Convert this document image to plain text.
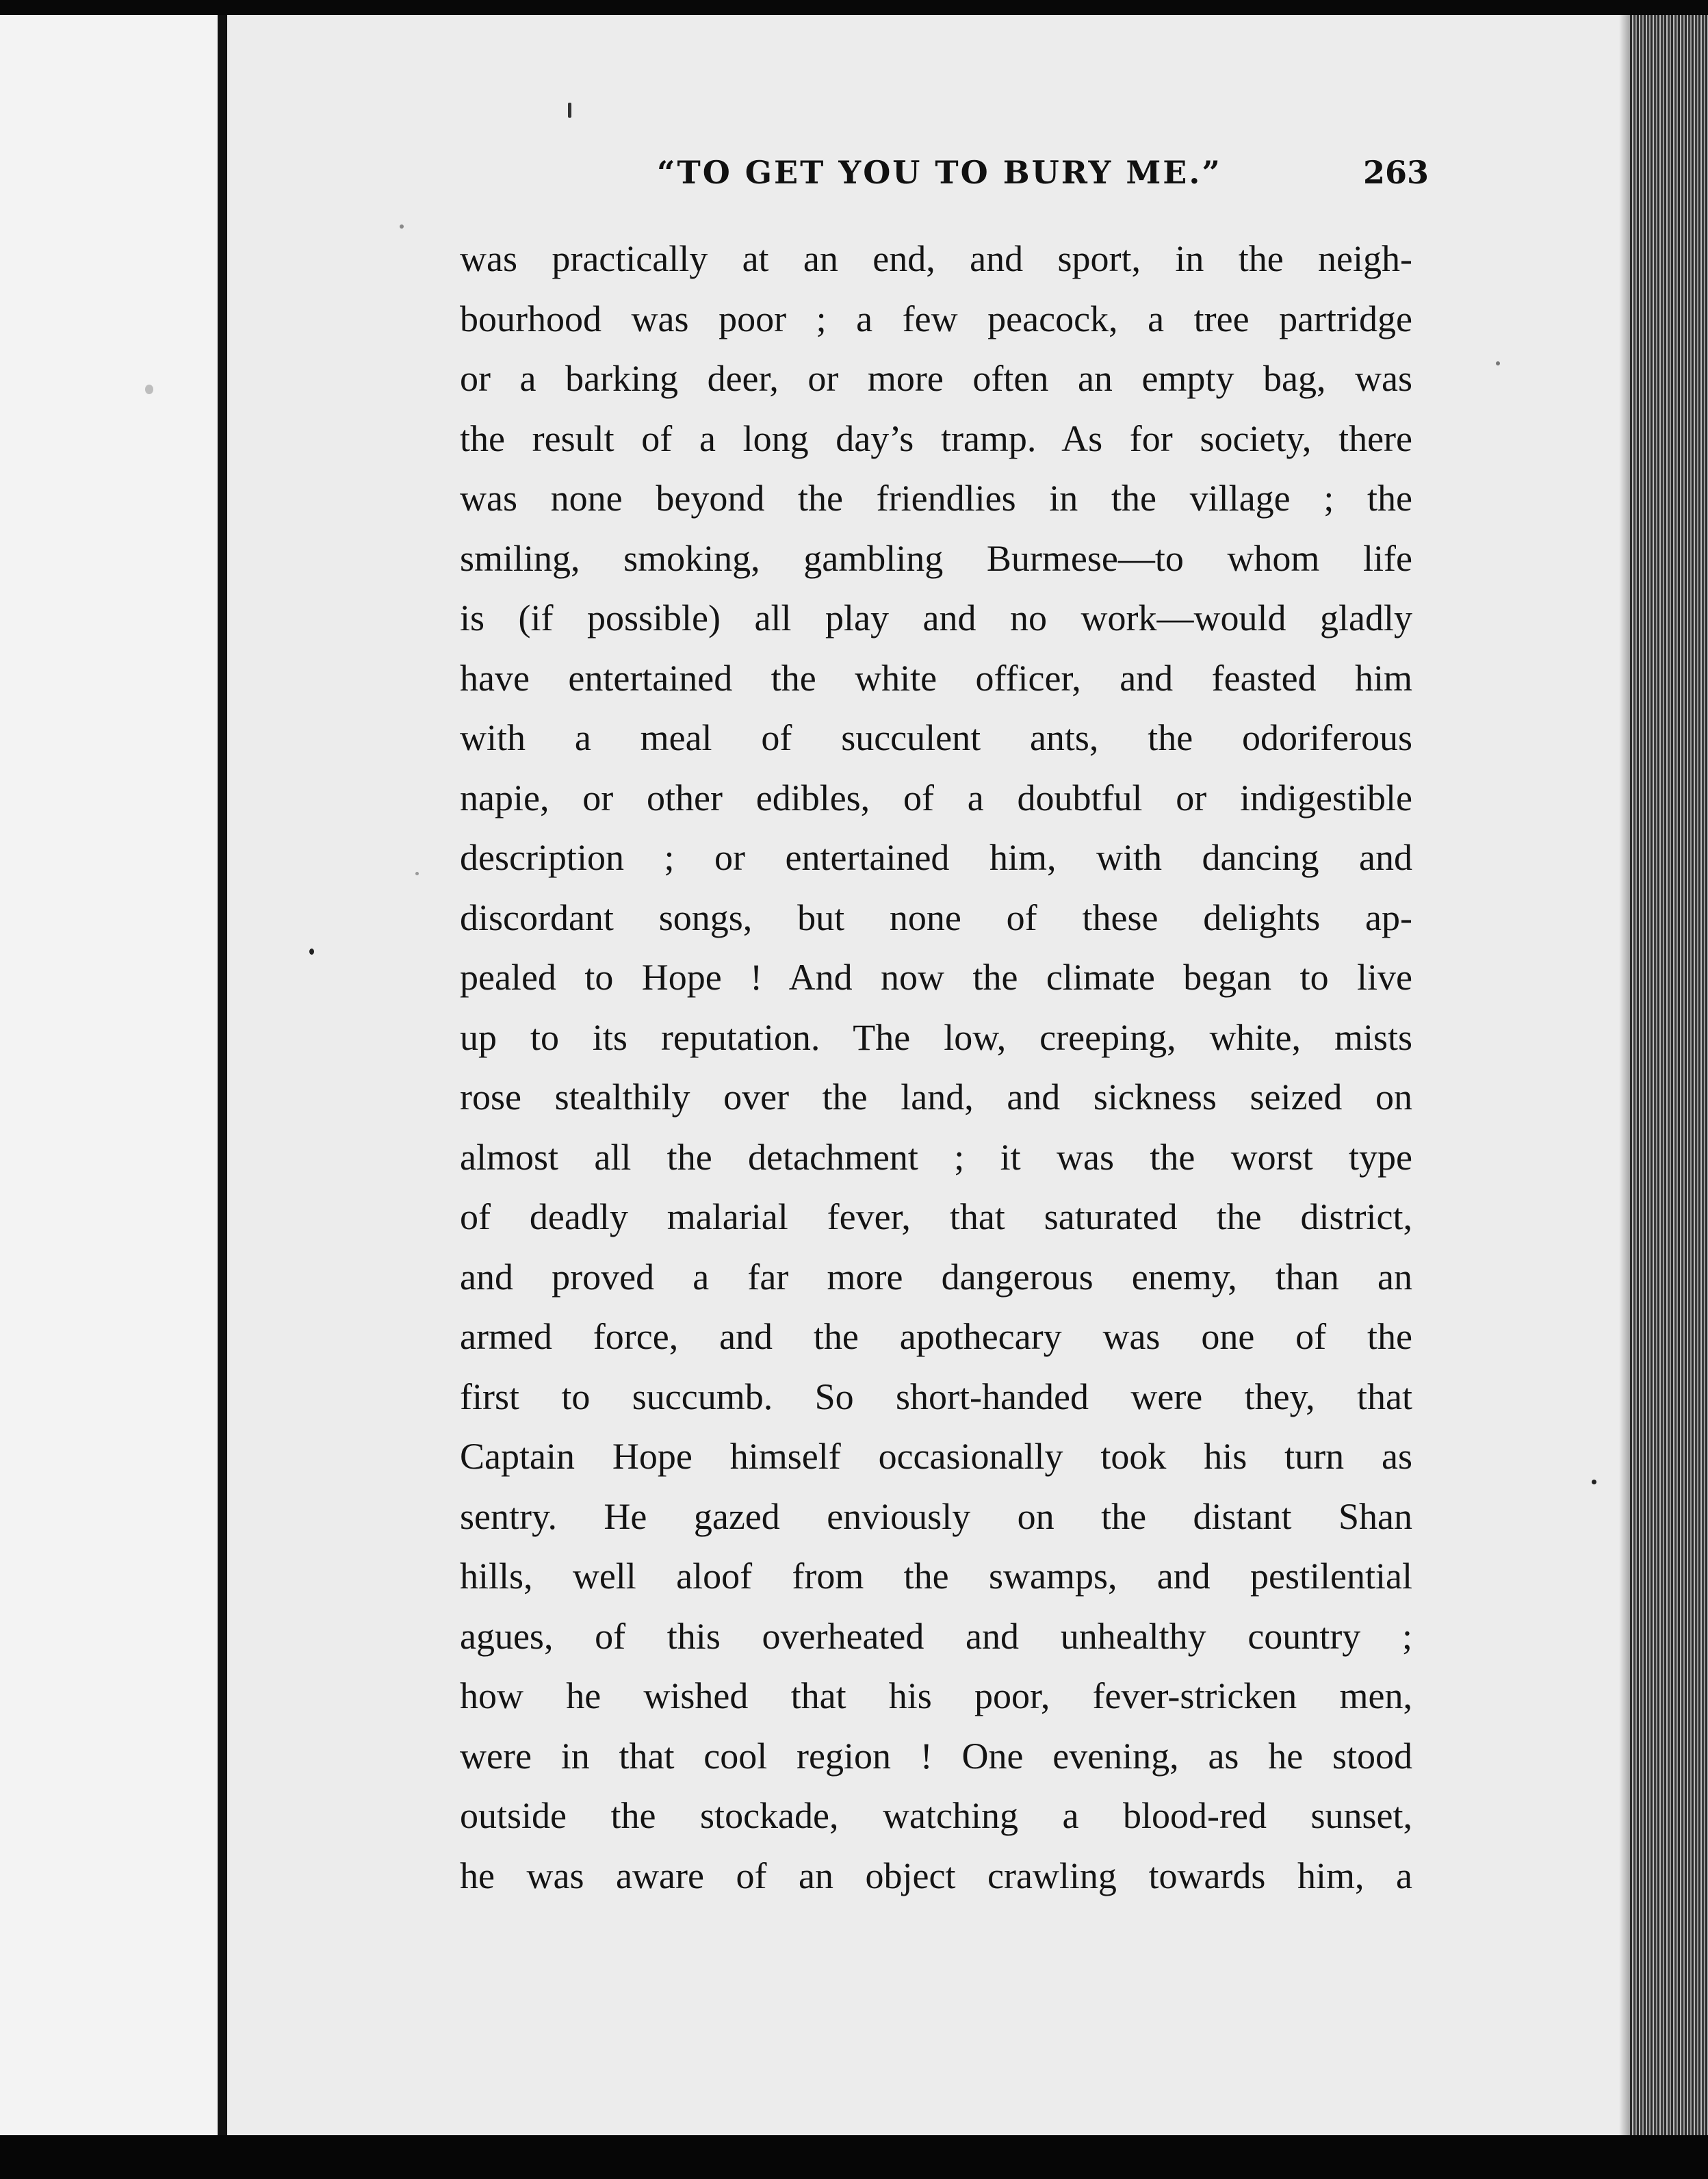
“TO GET YOU TO BURY ME.”	263
was practically at an end, and sport, in the neigh-
bourhood was poor ; a few peacock, a tree partridge
or a barking deer, or more often an empty bag, was
the result of a long day’s tramp. As for society, there
was none beyond the friendlies in the village ; the
smiling, smoking, gambling Burmese—to whom life
is (if possible) all play and no work—would gladly
have entertained the white officer, and feasted him
with a meal of succulent ants, the odoriferous
napie, or other edibles, of a doubtful or indigestible
description ; or entertained him, with dancing and
discordant songs, but none of these delights ap-
pealed to Hope ! And now the climate began to live
up to its reputation. The low, creeping, white, mists
rose stealthily over the land, and sickness seized on
almost all the detachment ; it was the worst type
of deadly malarial fever, that saturated the district,
and proved a far more dangerous enemy, than an
armed force, and the apothecary was one of the
first to succumb. So short-handed were they, that
Captain Hope himself occasionally took his turn as
sentry. He gazed enviously on the distant Shan
hills, well aloof from the swamps, and pestilential
agues, of this overheated and unhealthy country ;
how he wished that his poor, fever-stricken men,
were in that cool region ! One evening, as he stood
outside the stockade, watching a blood-red sunset,
he was aware of an object crawling towards him, a
